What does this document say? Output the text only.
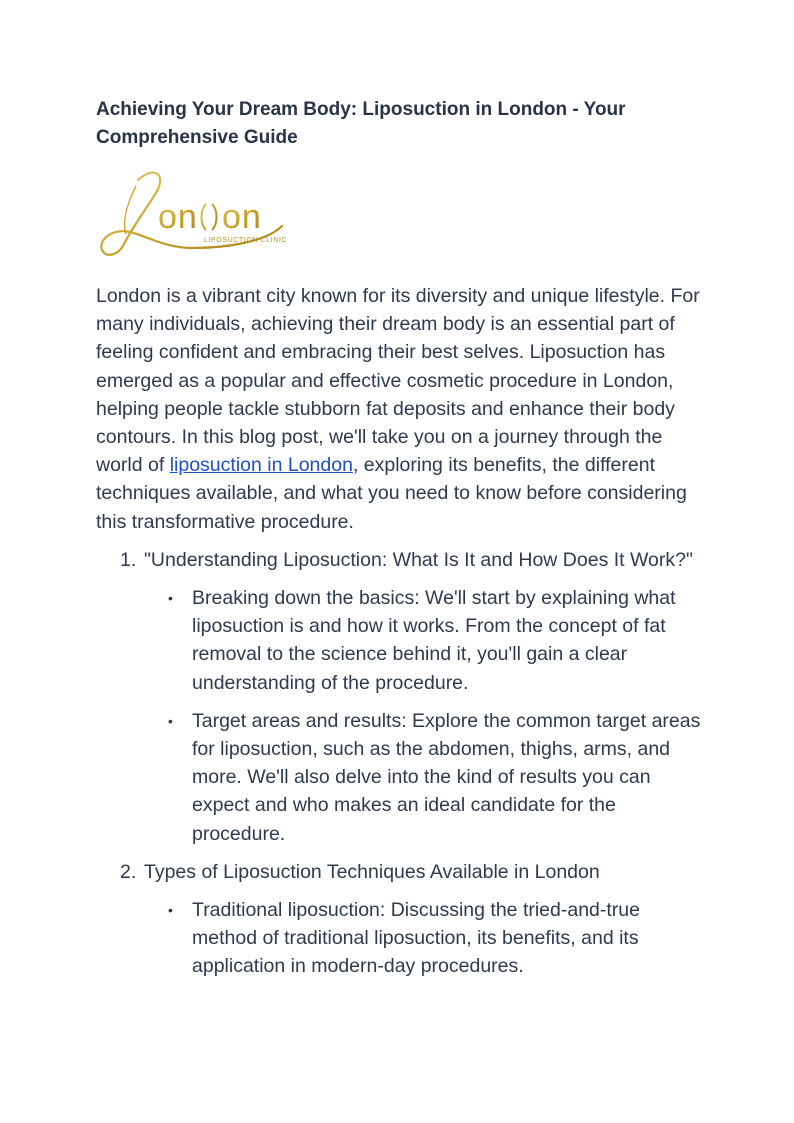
Achieving Your Dream Body: Liposuction in London - Your Comprehensive Guide
on on
LIPOSUCTION CLINIC

London is a vibrant city known for its diversity and unique lifestyle. For many individuals, achieving their dream body is an essential part of feeling confident and embracing their best selves. Liposuction has emerged as a popular and effective cosmetic procedure in London, helping people tackle stubborn fat deposits and enhance their body contours. In this blog post, we'll take you on a journey through the world of liposuction in London, exploring its benefits, the different techniques available, and what you need to know before considering this transformative procedure.

1. "Understanding Liposuction: What Is It and How Does It Work?"
• Breaking down the basics: We'll start by explaining what liposuction is and how it works. From the concept of fat removal to the science behind it, you'll gain a clear understanding of the procedure.
• Target areas and results: Explore the common target areas for liposuction, such as the abdomen, thighs, arms, and more. We'll also delve into the kind of results you can expect and who makes an ideal candidate for the procedure.
2. Types of Liposuction Techniques Available in London
• Traditional liposuction: Discussing the tried-and-true method of traditional liposuction, its benefits, and its application in modern-day procedures.
